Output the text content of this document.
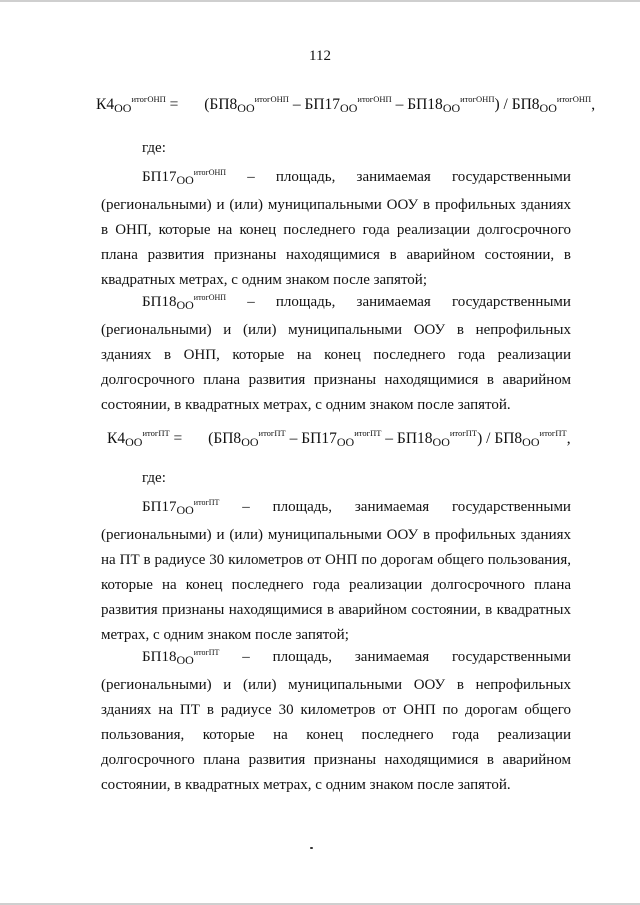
112
$К4_{ОО}^{итогОНП} = (БП8_{ОО}^{итогОНП} - БП17_{ОО}^{итогОНП} - БП18_{ОО}^{итогОНП}) / БП8_{ОО}^{итогОНП}$,
где:
$БП17_{ОО}^{итогОНП}$ – площадь, занимаемая государственными

(региональными) и (или) муниципальными ООУ в профильных зданиях в ОНП, которые на конец последнего года реализации долгосрочного плана развития признаны находящимися в аварийном состоянии, в квадратных метрах, с одним знаком после запятой;

$БП18_{ОО}^{итогОНП}$ – площадь, занимаемая государственными

(региональными) и (или) муниципальными ООУ в непрофильных зданиях в ОНП, которые на конец последнего года реализации долгосрочного плана развития признаны находящимися в аварийном состоянии, в квадратных метрах, с одним знаком после запятой.

$К4_{ОО}^{итогПТ} = (БП8_{ОО}^{итогПТ} - БП17_{ОО}^{итогПТ} - БП18_{ОО}^{итогПТ}) / БП8_{ОО}^{итогПТ}$,
где:
$БП17_{ОО}^{итогПТ}$ – площадь, занимаемая государственными

(региональными) и (или) муниципальными ООУ в профильных зданиях на ПТ в радиусе 30 километров от ОНП по дорогам общего пользования, которые на конец последнего года реализации долгосрочного плана развития признаны находящимися в аварийном состоянии, в квадратных метрах, с одним знаком после запятой;

$БП18_{ОО}^{итогПТ}$ – площадь, занимаемая государственными

(региональными) и (или) муниципальными ООУ в непрофильных зданиях на ПТ в радиусе 30 километров от ОНП по дорогам общего пользования, которые на конец последнего года реализации долгосрочного плана развития признаны находящимися в аварийном состоянии, в квадратных метрах, с одним знаком после запятой.
